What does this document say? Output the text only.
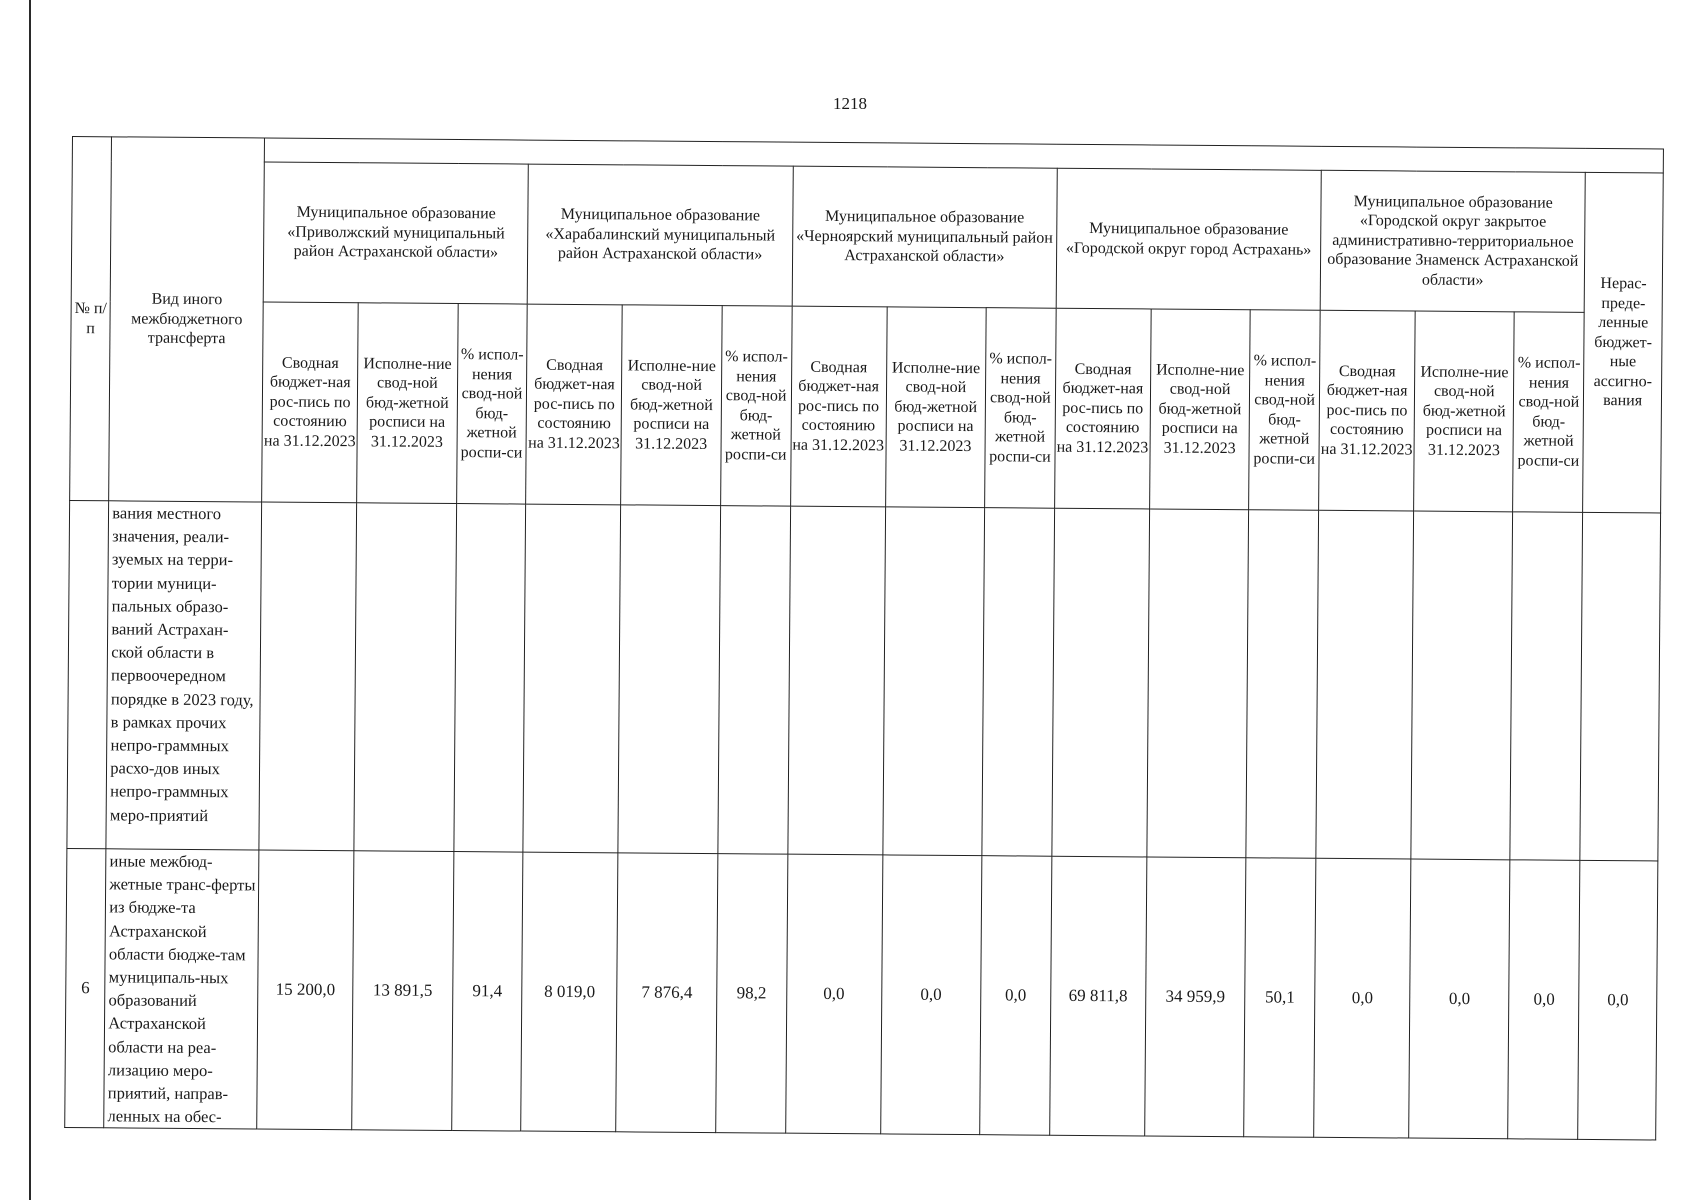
1218
№ п/п	Вид иного межбюджетного трансферта																

		Муниципальное образование «Приволжский муниципальный район Астраханской области»			Муниципальное образование «Харабалинский муниципальный район Астраханской области»			Муниципальное образование «Черноярский муниципальный район Астраханской области»			Муниципальное образование «Городской округ город Астрахань»			Муниципальное образование «Городской округ закрытое административно-территориальное образование Знаменск Астраханской области»			Нерас-преде-ленные бюджет-ные ассигно-вания

		Сводная бюджет-ная рос-пись по состоянию на 31.12.2023	Исполне-ние свод-ной бюд-жетной росписи на 31.12.2023	% испол-нения свод-ной бюд-жетной роспи-си	Сводная бюджет-ная рос-пись по состоянию на 31.12.2023	Исполне-ние свод-ной бюд-жетной росписи на 31.12.2023	% испол-нения свод-ной бюд-жетной роспи-си	Сводная бюджет-ная рос-пись по состоянию на 31.12.2023	Исполне-ние свод-ной бюд-жетной росписи на 31.12.2023	% испол-нения свод-ной бюд-жетной роспи-си	Сводная бюджет-ная рос-пись по состоянию на 31.12.2023	Исполне-ние свод-ной бюд-жетной росписи на 31.12.2023	% испол-нения свод-ной бюд-жетной роспи-си	Сводная бюджет-ная рос-пись по состоянию на 31.12.2023	Исполне-ние свод-ной бюд-жетной росписи на 31.12.2023	% испол-нения свод-ной бюд-жетной роспи-си	

	вания местного значения, реали-зуемых на терри-тории муници-пальных образо-ваний Астрахан-ской области в первоочередном порядке в 2023 году, в рамках прочих непро-граммных расхо-дов иных непро-граммных меро-приятий																
6	иные межбюд-жетные транс-ферты из бюдже-та Астраханской области бюдже-там муниципаль-ных образований Астраханской области на реа-лизацию меро-приятий, направ-ленных на обес-	15 200,0	13 891,5	91,4	8 019,0	7 876,4	98,2	0,0	0,0	0,0	69 811,8	34 959,9	50,1	0,0	0,0	0,0	0,0
